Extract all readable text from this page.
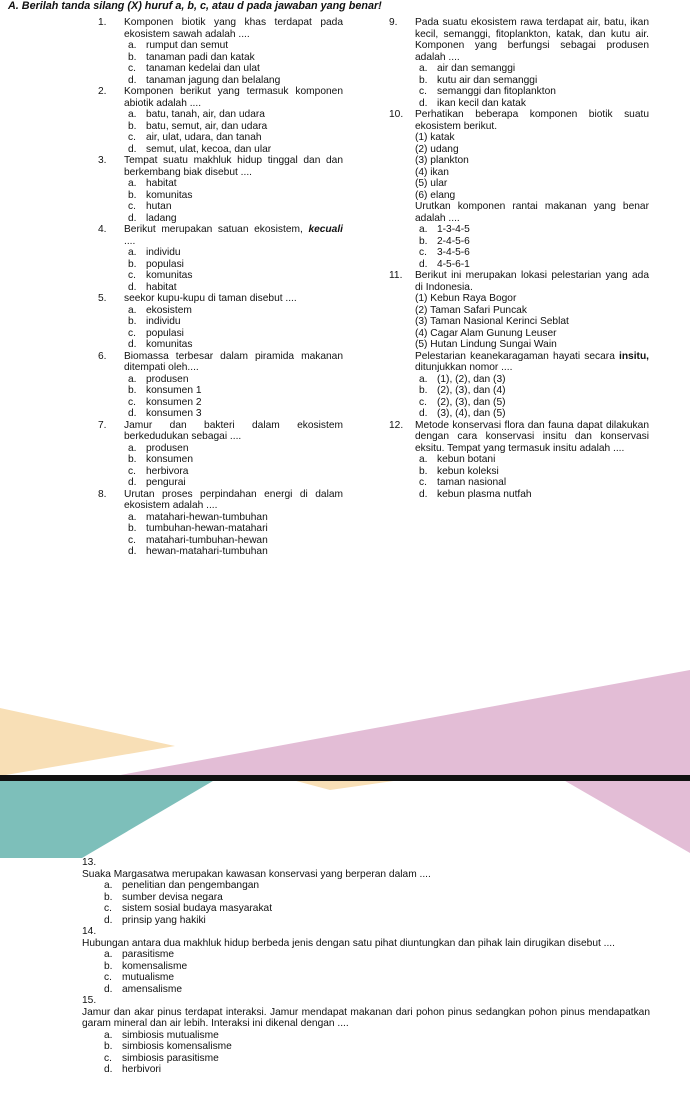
A. Berilah tanda silang (X) huruf a, b, c, atau d pada jawaban yang benar!
1. Komponen biotik yang khas terdapat pada ekosistem sawah adalah ....
a. rumput dan semut
b. tanaman padi dan katak
c. tanaman kedelai dan ulat
d. tanaman jagung dan belalang
2. Komponen berikut yang termasuk komponen abiotik adalah ....
a. batu, tanah, air, dan udara
b. batu, semut, air, dan udara
c. air, ulat, udara, dan tanah
d. semut, ulat, kecoa, dan ular
3. Tempat suatu makhluk hidup tinggal dan dan berkembang biak disebut ....
a. habitat
b. komunitas
c. hutan
d. ladang
4. Berikut merupakan satuan ekosistem, kecuali ....
a. individu
b. populasi
c. komunitas
d. habitat
5. seekor kupu-kupu di taman disebut ....
a. ekosistem
b. individu
c. populasi
d. komunitas
6. Biomassa terbesar dalam piramida makanan ditempati oleh....
a. produsen
b. konsumen 1
c. konsumen 2
d. konsumen 3
7. Jamur dan bakteri dalam ekosistem berkedudukan sebagai ....
a. produsen
b. konsumen
c. herbivora
d. pengurai
8. Urutan proses perpindahan energi di dalam ekosistem adalah ....
a. matahari-hewan-tumbuhan
b. tumbuhan-hewan-matahari
c. matahari-tumbuhan-hewan
d. hewan-matahari-tumbuhan
9. Pada suatu ekosistem rawa terdapat air, batu, ikan kecil, semanggi, fitoplankton, katak, dan kutu air. Komponen yang berfungsi sebagai produsen adalah ....
a. air dan semanggi
b. kutu air dan semanggi
c. semanggi dan fitoplankton
d. ikan kecil dan katak
10. Perhatikan beberapa komponen biotik suatu ekosistem berikut.
(1) katak
(2) udang
(3) plankton
(4) ikan
(5) ular
(6) elang
Urutkan komponen rantai makanan yang benar adalah ....
a. 1-3-4-5
b. 2-4-5-6
c. 3-4-5-6
d. 4-5-6-1
11. Berikut ini merupakan lokasi pelestarian yang ada di Indonesia.
(1) Kebun Raya Bogor
(2) Taman Safari Puncak
(3) Taman Nasional Kerinci Seblat
(4) Cagar Alam Gunung Leuser
(5) Hutan Lindung Sungai Wain
Pelestarian keanekaragaman hayati secara insitu, ditunjukkan nomor ....
a. (1), (2), dan (3)
b. (2), (3), dan (4)
c. (2), (3), dan (5)
d. (3), (4), dan (5)
12. Metode konservasi flora dan fauna dapat dilakukan dengan cara konservasi insitu dan konservasi eksitu. Tempat yang termasuk insitu adalah ....
a. kebun botani
b. kebun koleksi
c. taman nasional
d. kebun plasma nutfah
13.
Suaka Margasatwa merupakan kawasan konservasi yang berperan dalam ....
a. penelitian dan pengembangan
b. sumber devisa negara
c. sistem sosial budaya masyarakat
d. prinsip yang hakiki
14.
Hubungan antara dua makhluk hidup berbeda jenis dengan satu pihat diuntungkan dan pihak lain dirugikan disebut ....
a. parasitisme
b. komensalisme
c. mutualisme
d. amensalisme
15.
Jamur dan akar pinus terdapat interaksi. Jamur mendapat makanan dari pohon pinus sedangkan pohon pinus mendapatkan garam mineral dan air lebih. Interaksi ini dikenal dengan ....
a. simbiosis mutualisme
b. simbiosis komensalisme
c. simbiosis parasitisme
d. herbivori
